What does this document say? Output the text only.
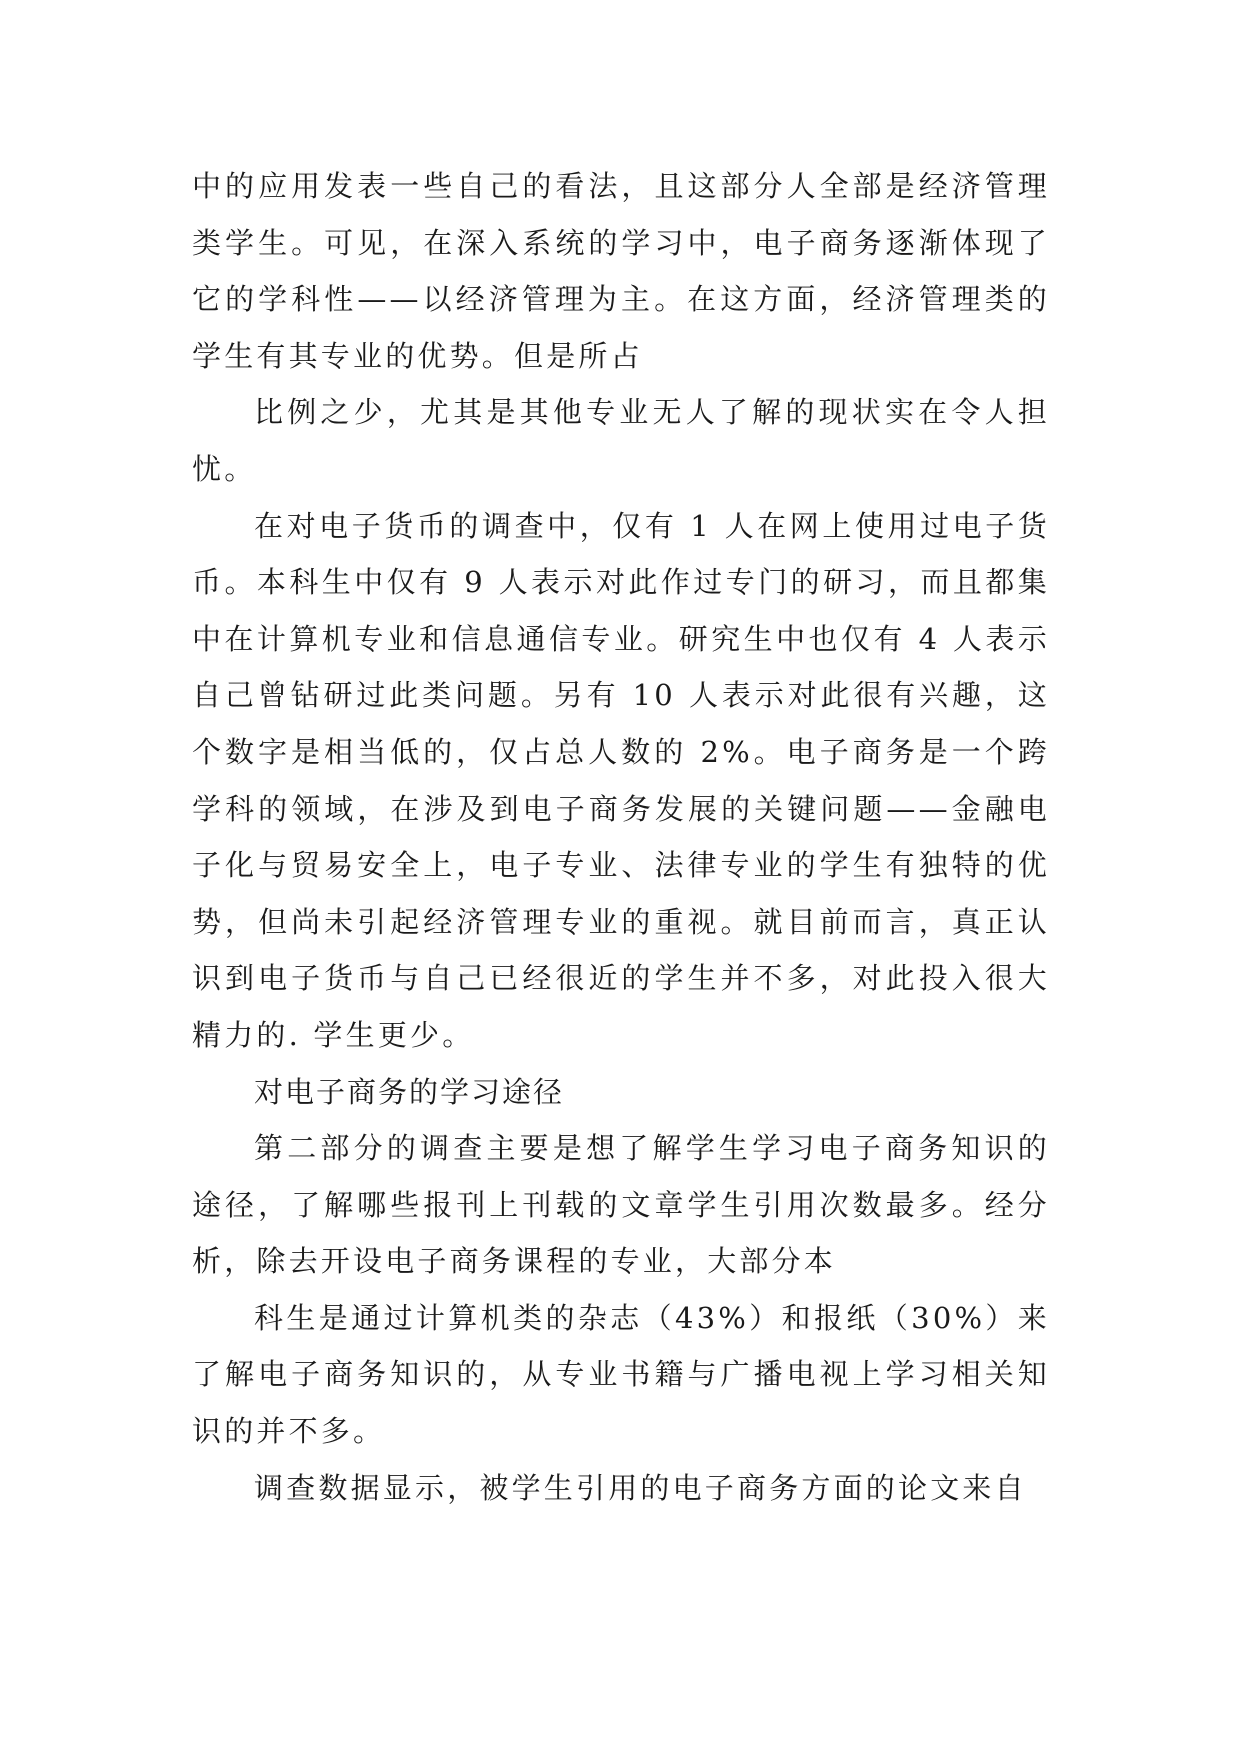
中的应用发表一些自己的看法，且这部分人全部是经济管理类学生。可见，在深入系统的学习中，电子商务逐渐体现了它的学科性——以经济管理为主。在这方面，经济管理类的学生有其专业的优势。但是所占

比例之少，尤其是其他专业无人了解的现状实在令人担忧。

在对电子货币的调查中，仅有 1 人在网上使用过电子货币。本科生中仅有 9 人表示对此作过专门的研习，而且都集中在计算机专业和信息通信专业。研究生中也仅有 4 人表示自己曾钻研过此类问题。另有 10 人表示对此很有兴趣，这个数字是相当低的，仅占总人数的 2%。电子商务是一个跨学科的领域，在涉及到电子商务发展的关键问题——金融电子化与贸易安全上，电子专业、法律专业的学生有独特的优势，但尚未引起经济管理专业的重视。就目前而言，真正认识到电子货币与自己已经很近的学生并不多，对此投入很大精力的. 学生更少。

对电子商务的学习途径

第二部分的调查主要是想了解学生学习电子商务知识的途径，了解哪些报刊上刊载的文章学生引用次数最多。经分析，除去开设电子商务课程的专业，大部分本

科生是通过计算机类的杂志（43%）和报纸（30%）来了解电子商务知识的，从专业书籍与广播电视上学习相关知识的并不多。

调查数据显示，被学生引用的电子商务方面的论文来自
